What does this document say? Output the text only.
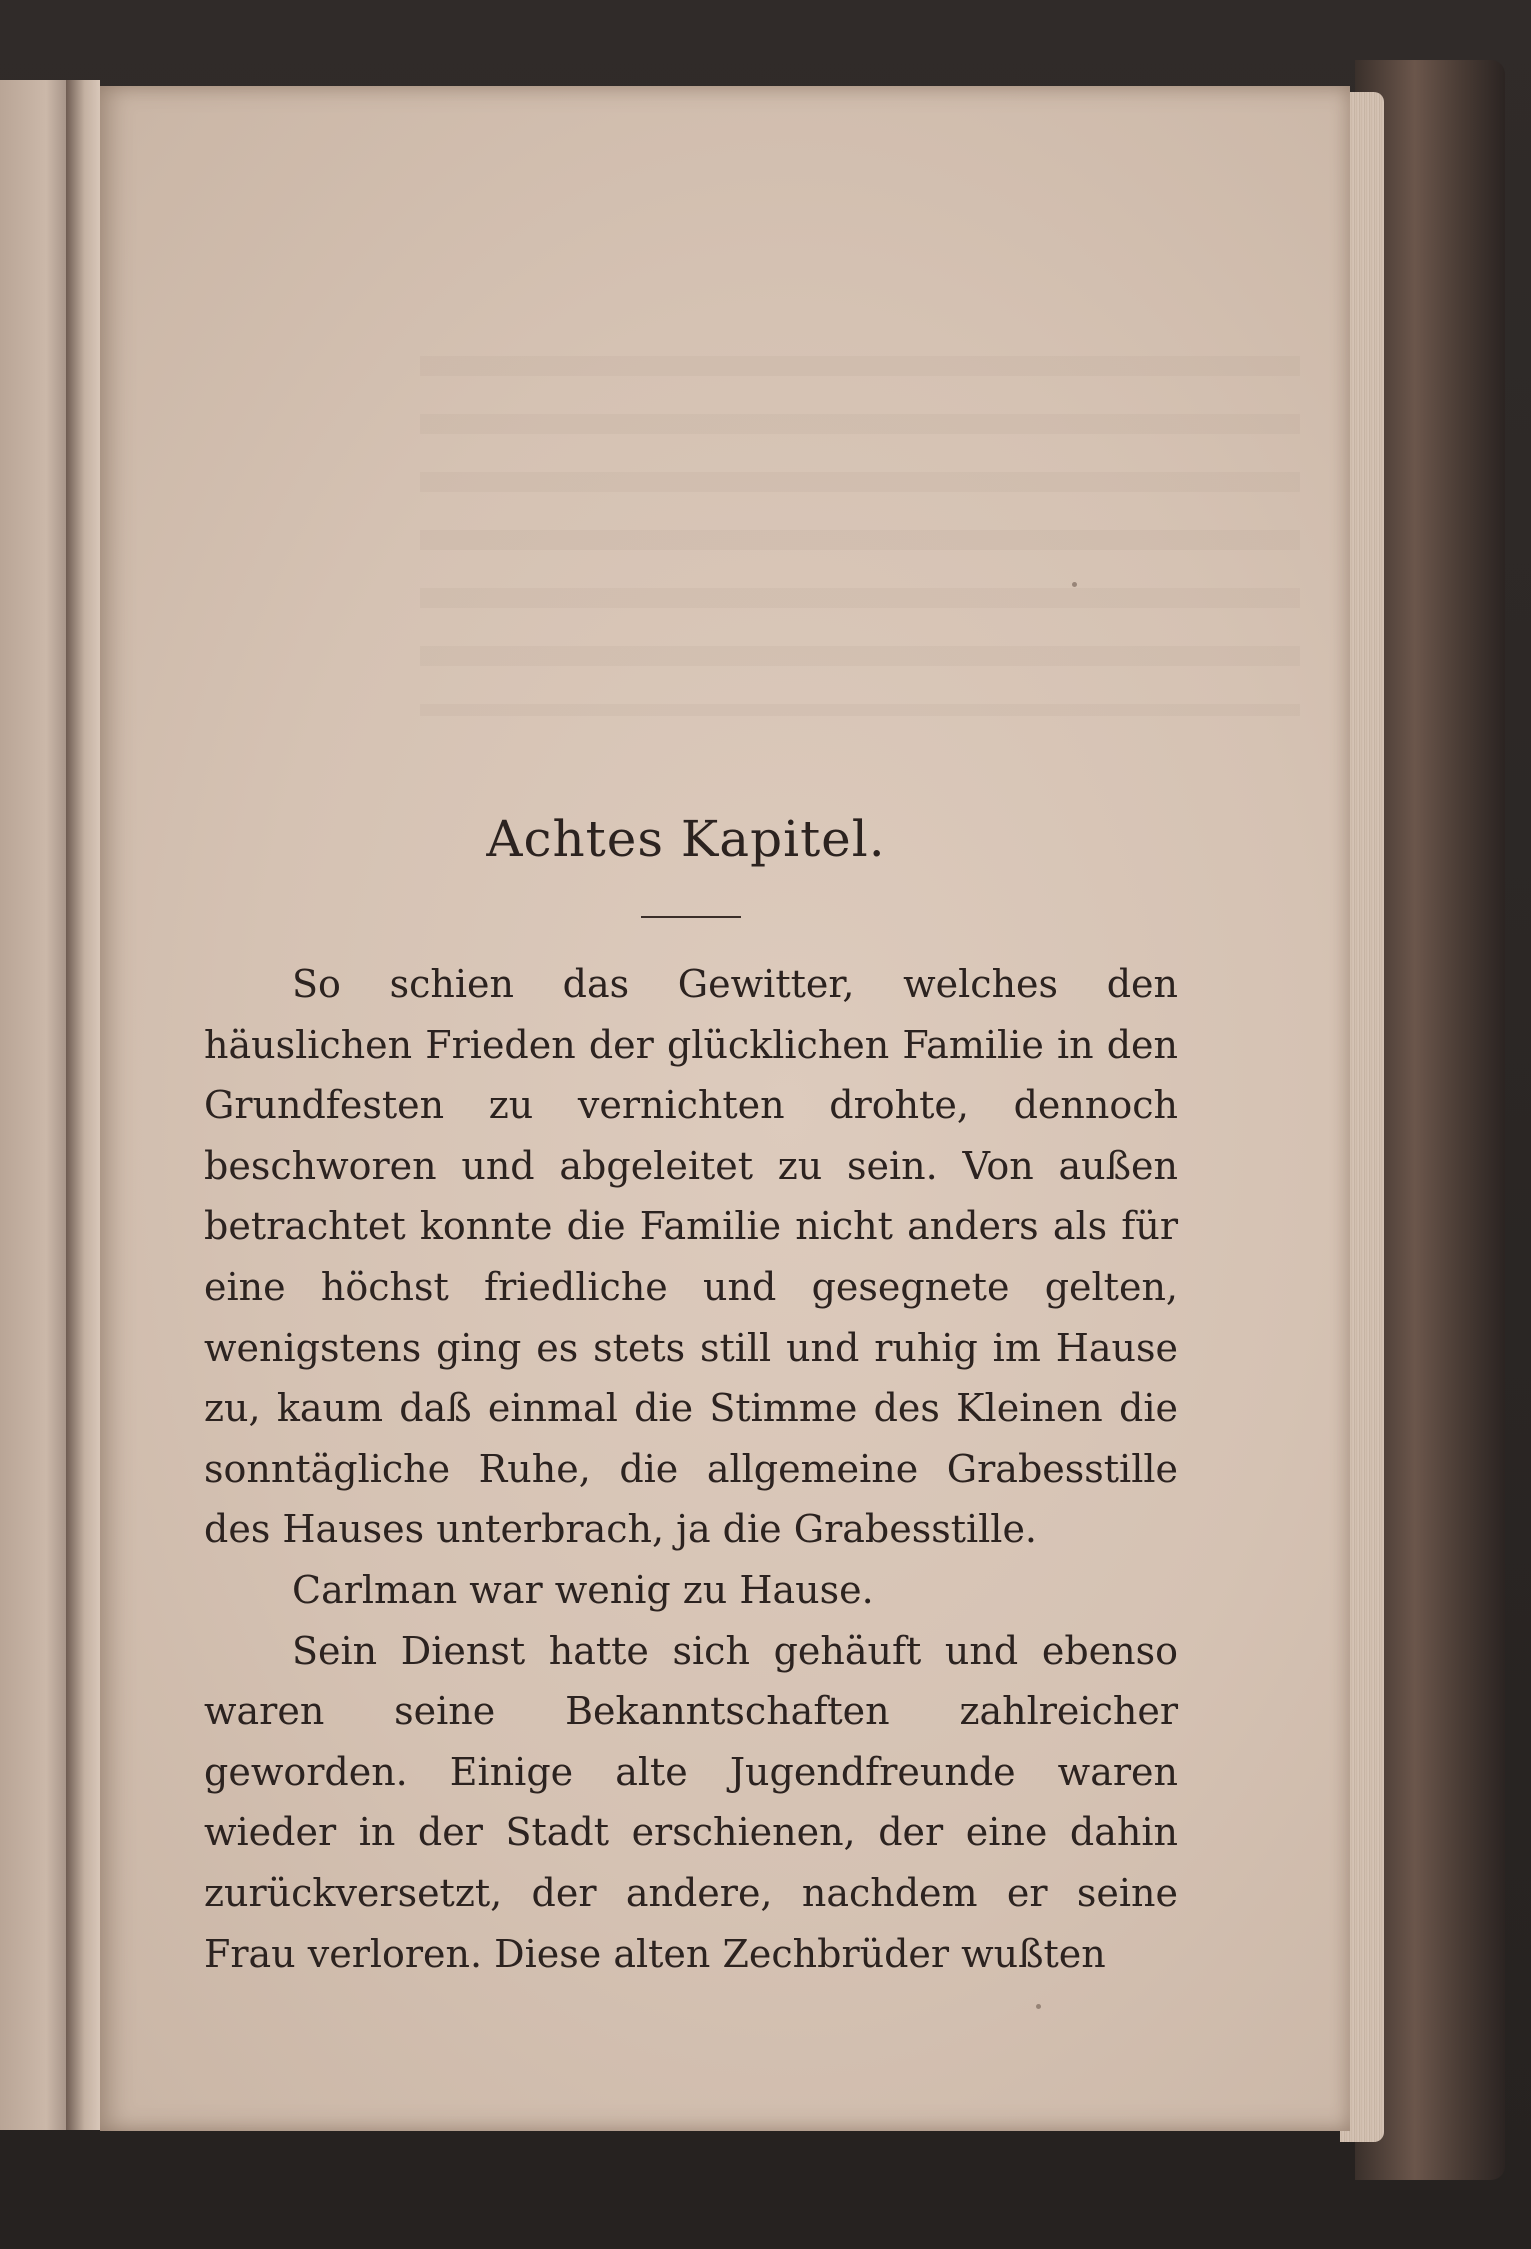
Achtes Kapitel.

So schien das Gewitter, welches den häuslichen Frieden der glücklichen Familie in den Grundfesten zu vernichten drohte, dennoch beschworen und abgeleitet zu sein. Von außen betrachtet konnte die Familie nicht anders als für eine höchst friedliche und gesegnete gelten, wenigstens ging es stets still und ruhig im Hause zu, kaum daß einmal die Stimme des Kleinen die sonntägliche Ruhe, die allgemeine Grabesstille des Hauses unterbrach, ja die Grabesstille.

Carlman war wenig zu Hause.

Sein Dienst hatte sich gehäuft und ebenso waren seine Bekanntschaften zahlreicher geworden. Einige alte Jugendfreunde waren wieder in der Stadt erschienen, der eine dahin zurückversetzt, der andere, nachdem er seine Frau verloren. Diese alten Zechbrüder wußten
